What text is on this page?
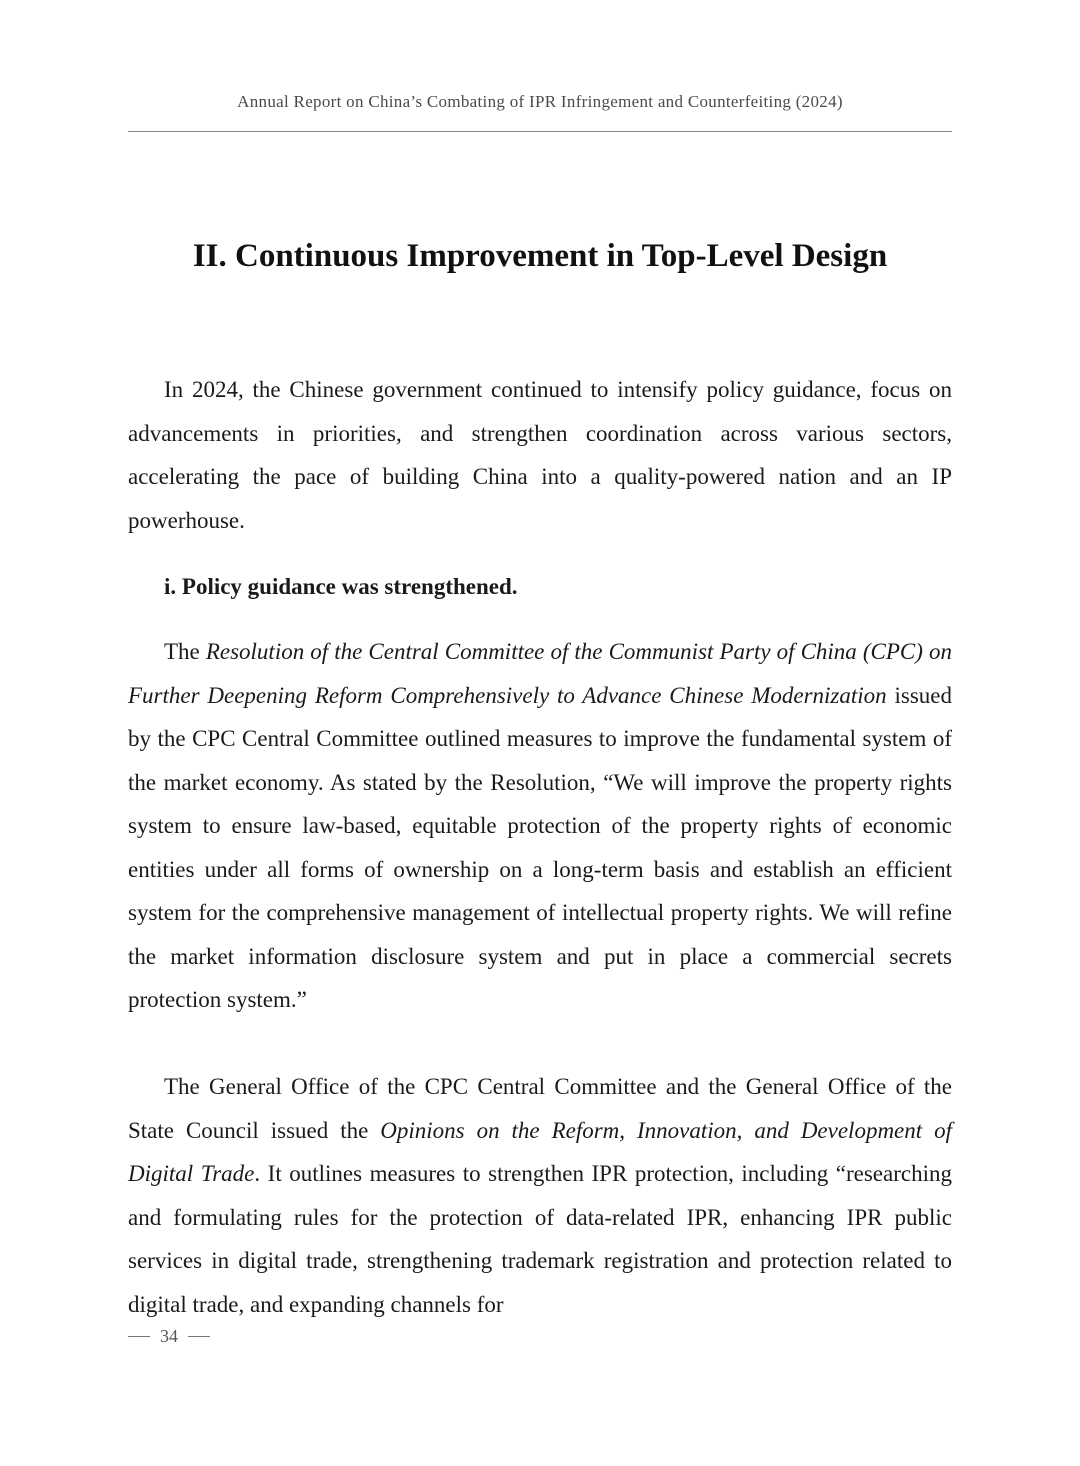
Annual Report on China’s Combating of IPR Infringement and Counterfeiting (2024)
II. Continuous Improvement in Top-Level Design

In 2024, the Chinese government continued to intensify policy guidance, focus on advancements in priorities, and strengthen coordination across various sectors, accelerating the pace of building China into a quality-powered nation and an IP powerhouse.

i. Policy guidance was strengthened.

The Resolution of the Central Committee of the Communist Party of China (CPC) on Further Deepening Reform Comprehensively to Advance Chinese Modernization issued by the CPC Central Committee outlined measures to improve the fundamental system of the market economy. As stated by the Resolution, “We will improve the property rights system to ensure law-based, equitable protection of the property rights of economic entities under all forms of ownership on a long-term basis and establish an efficient system for the comprehensive management of intellectual property rights. We will refine the market information disclosure system and put in place a commercial secrets protection system.”

The General Office of the CPC Central Committee and the General Office of the State Council issued the Opinions on the Reform, Innovation, and Development of Digital Trade. It outlines measures to strengthen IPR protection, including “researching and formulating rules for the protection of data-related IPR, enhancing IPR public services in digital trade, strengthening trademark registration and protection related to digital trade, and expanding channels for

34
